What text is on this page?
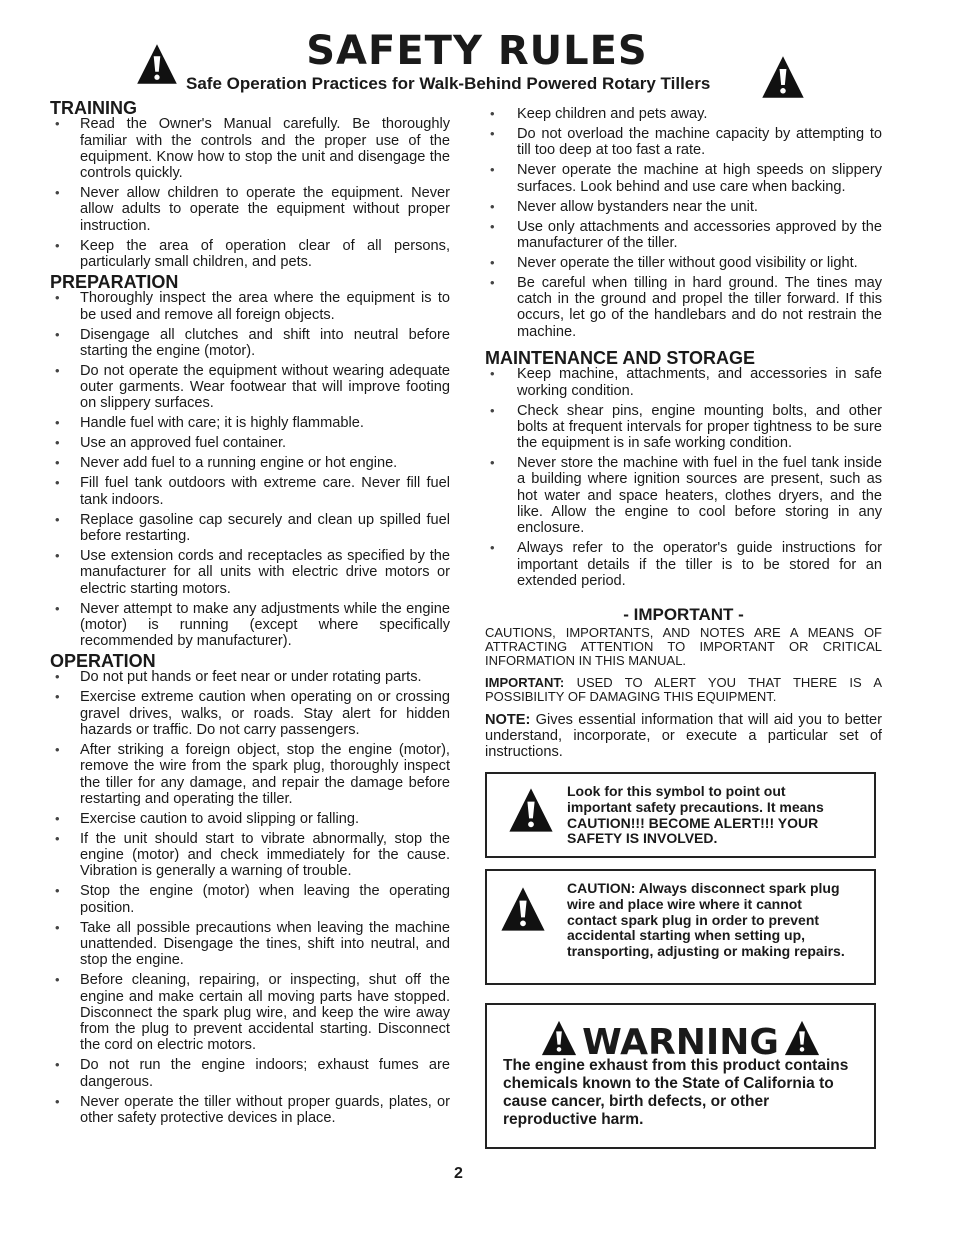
SAFETY RULES
Safe Operation Practices for Walk-Behind Powered Rotary Tillers
TRAINING
• Read the Owner's Manual carefully. Be thoroughly familiar with the controls and the proper use of the equipment. Know how to stop the unit and disengage the controls quickly.
• Never allow children to operate the equipment. Never allow adults to operate the equipment without proper instruction.
• Keep the area of operation clear of all persons, particularly small children, and pets.
PREPARATION
• Thoroughly inspect the area where the equipment is to be used and remove all foreign objects.
• Disengage all clutches and shift into neutral before starting the engine (motor).
• Do not operate the equipment without wearing adequate outer garments. Wear footwear that will improve footing on slippery surfaces.
• Handle fuel with care; it is highly flammable.
• Use an approved fuel container.
• Never add fuel to a running engine or hot engine.
• Fill fuel tank outdoors with extreme care. Never fill fuel tank indoors.
• Replace gasoline cap securely and clean up spilled fuel before restarting.
• Use extension cords and receptacles as specified by the manufacturer for all units with electric drive motors or electric starting motors.
• Never attempt to make any adjustments while the engine (motor) is running (except where specifically recommended by manufacturer).
OPERATION
• Do not put hands or feet near or under rotating parts.
• Exercise extreme caution when operating on or crossing gravel drives, walks, or roads. Stay alert for hidden hazards or traffic. Do not carry passengers.
• After striking a foreign object, stop the engine (motor), remove the wire from the spark plug, thoroughly inspect the tiller for any damage, and repair the damage before restarting and operating the tiller.
• Exercise caution to avoid slipping or falling.
• If the unit should start to vibrate abnormally, stop the engine (motor) and check immediately for the cause. Vibration is generally a warning of trouble.
• Stop the engine (motor) when leaving the operating position.
• Take all possible precautions when leaving the machine unattended. Disengage the tines, shift into neutral, and stop the engine.
• Before cleaning, repairing, or inspecting, shut off the engine and make certain all moving parts have stopped. Disconnect the spark plug wire, and keep the wire away from the plug to prevent accidental starting. Disconnect the cord on electric motors.
• Do not run the engine indoors; exhaust fumes are dangerous.
• Never operate the tiller without proper guards, plates, or other safety protective devices in place.
• Keep children and pets away.
• Do not overload the machine capacity by attempting to till too deep at too fast a rate.
• Never operate the machine at high speeds on slippery surfaces. Look behind and use care when backing.
• Never allow bystanders near the unit.
• Use only attachments and accessories approved by the manufacturer of the tiller.
• Never operate the tiller without good visibility or light.
• Be careful when tilling in hard ground. The tines may catch in the ground and propel the tiller forward. If this occurs, let go of the handlebars and do not restrain the machine.
MAINTENANCE AND STORAGE
• Keep machine, attachments, and accessories in safe working condition.
• Check shear pins, engine mounting bolts, and other bolts at frequent intervals for proper tightness to be sure the equipment is in safe working condition.
• Never store the machine with fuel in the fuel tank inside a building where ignition sources are present, such as hot water and space heaters, clothes dryers, and the like. Allow the engine to cool before storing in any enclosure.
• Always refer to the operator's guide instructions for important details if the tiller is to be stored for an extended period.
- IMPORTANT -
CAUTIONS, IMPORTANTS, AND NOTES ARE A MEANS OF ATTRACTING ATTENTION TO IMPORTANT OR CRITICAL INFORMATION IN THIS MANUAL.
IMPORTANT: USED TO ALERT YOU THAT THERE IS A POSSIBILITY OF DAMAGING THIS EQUIPMENT.
NOTE: Gives essential information that will aid you to better understand, incorporate, or execute a particular set of instructions.
Look for this symbol to point out important safety precautions. It means CAUTION!!! BECOME ALERT!!! YOUR SAFETY IS INVOLVED.
CAUTION: Always disconnect spark plug wire and place wire where it cannot contact spark plug in order to prevent accidental starting when setting up, transporting, adjusting or making repairs.
WARNING
The engine exhaust from this product contains chemicals known to the State of California to cause cancer, birth defects, or other reproductive harm.
2
